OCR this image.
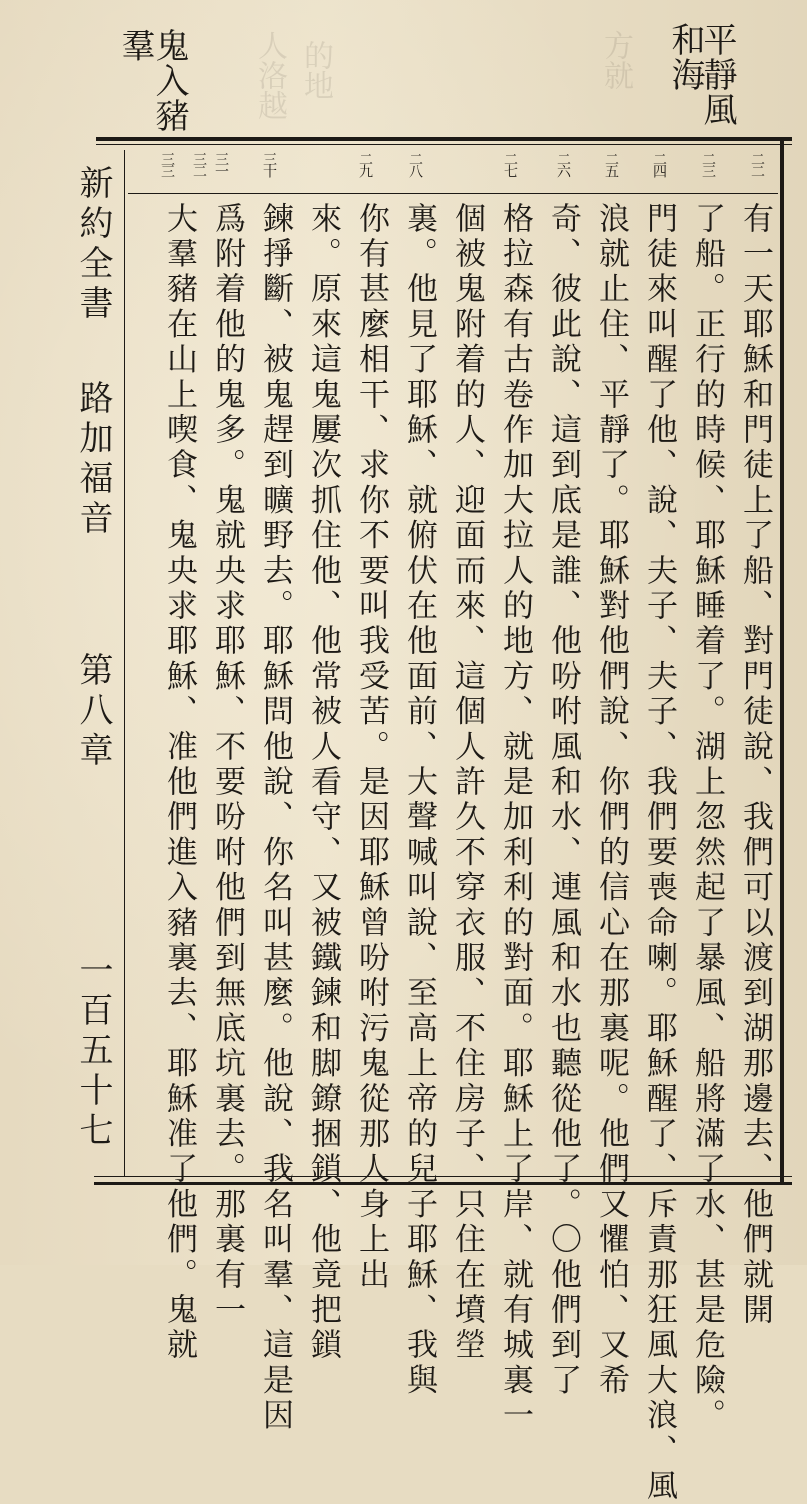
人洛越 的地	方就 平靜風
和海
鬼入豬
羣
二二
二三
二四
二五
二六
二七
二八
二九
三十
三一
三二
三三
有一天耶穌和門徒上了船、對門徒說、我們可以渡到湖那邊去、他們就開
了船。正行的時候、耶穌睡着了。湖上忽然起了暴風、船將滿了水、甚是危險。
門徒來叫醒了他、說、夫子、夫子、我們要喪命喇。耶穌醒了、斥責那狂風大浪、風
浪就止住、平靜了。耶穌對他們說、你們的信心在那裏呢。他們又懼怕、又希
奇、彼此說、這到底是誰、他吩咐風和水、連風和水也聽從他了。〇他們到了
格拉森有古卷作加大拉人的地方、就是加利利的對面。耶穌上了岸、就有城裏一
個被鬼附着的人、迎面而來、這個人許久不穿衣服、不住房子、只住在墳塋
裏。他見了耶穌、就俯伏在他面前、大聲喊叫說、至高上帝的兒子耶穌、我與
你有甚麼相干、求你不要叫我受苦。是因耶穌曾吩咐污鬼從那人身上出
來。原來這鬼屢次抓住他、他常被人看守、又被鐵鍊和脚鐐捆鎖、他竟把鎖
鍊掙斷、被鬼趕到曠野去。耶穌問他說、你名叫甚麼。他說、我名叫羣、這是因
爲附着他的鬼多。鬼就央求耶穌、不要吩咐他們到無底坑裏去。那裏有一
大羣豬在山上喫食、鬼央求耶穌、准他們進入豬裏去、耶穌准了他們。鬼就
新約全書
路加福音
第八章
一百五十七
